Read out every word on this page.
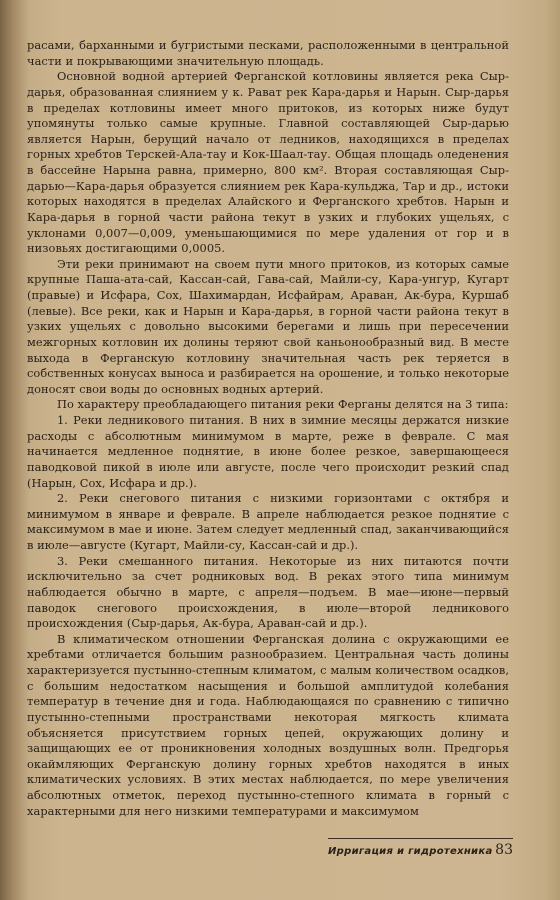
расами, барханными и бугристыми песками, расположенными в центральной части и покрывающими значительную площадь.

Основной водной артерией Ферганской котловины является река Сыр-дарья, образованная слиянием у к. Рават рек Кара-дарья и Нарын. Сыр-дарья в пределах котловины имеет много притоков, из которых ниже будут упомянуты только самые крупные. Главной составляющей Сыр-дарью является Нарын, берущий начало от ледников, находящихся в пределах горных хребтов Терскей-Ала-тау и Кок-Шаал-тау. Общая площадь оледенения в бассейне Нарына равна, примерно, 800 км². Вторая составляющая Сыр-дарью—Кара-дарья образуется слиянием рек Кара-кульджа, Тар и др., истоки которых находятся в пределах Алайского и Ферганского хребтов. Нарын и Кара-дарья в горной части района текут в узких и глубоких ущельях, с уклонами 0,007—0,009, уменьшающимися по мере удаления от гор и в низовьях достигающими 0,0005.

Эти реки принимают на своем пути много притоков, из которых самые крупные Паша-ата-сай, Кассан-сай, Гава-сай, Майли-су, Кара-унгур, Кугарт (правые) и Исфара, Сох, Шахимардан, Исфайрам, Араван, Ак-бура, Куршаб (левые). Все реки, как и Нарын и Кара-дарья, в горной части района текут в узких ущельях с довольно высокими берегами и лишь при пересечении межгорных котловин их долины теряют свой каньонообразный вид. В месте выхода в Ферганскую котловину значительная часть рек теряется в собственных конусах выноса и разбирается на орошение, и только некоторые доносят свои воды до основных водных артерий.

По характеру преобладающего питания реки Ферганы делятся на 3 типа:

1. Реки ледникового питания. В них в зимние месяцы держатся низкие расходы с абсолютным минимумом в марте, реже в феврале. С мая начинается медленное поднятие, в июне более резкое, завершающееся паводковой пикой в июле или августе, после чего происходит резкий спад (Нарын, Сох, Исфара и др.).

2. Реки снегового питания с низкими горизонтами с октября и минимумом в январе и феврале. В апреле наблюдается резкое поднятие с максимумом в мае и июне. Затем следует медленный спад, заканчивающийся в июле—августе (Кугарт, Майли-су, Кассан-сай и др.).

3. Реки смешанного питания. Некоторые из них питаются почти исключительно за счет родниковых вод. В реках этого типа минимум наблюдается обычно в марте, с апреля—подъем. В мае—июне—первый паводок снегового происхождения, в июле—второй ледникового происхождения (Сыр-дарья, Ак-бура, Араван-сай и др.).

В климатическом отношении Ферганская долина с окружающими ее хребтами отличается большим разнообразием. Центральная часть долины характеризуется пустынно-степным климатом, с малым количеством осадков, с большим недостатком насыщения и большой амплитудой колебания температур в течение дня и года. Наблюдающаяся по сравнению с типично пустынно-степными пространствами некоторая мягкость климата объясняется присутствием горных цепей, окружающих долину и защищающих ее от проникновения холодных воздушных волн. Предгорья окаймляющих Ферганскую долину горных хребтов находятся в иных климатических условиях. В этих местах наблюдается, по мере увеличения абсолютных отметок, переход пустынно-степного климата в горный с характерными для него низкими температурами и максимумом

Ирригация и гидротехника 83
